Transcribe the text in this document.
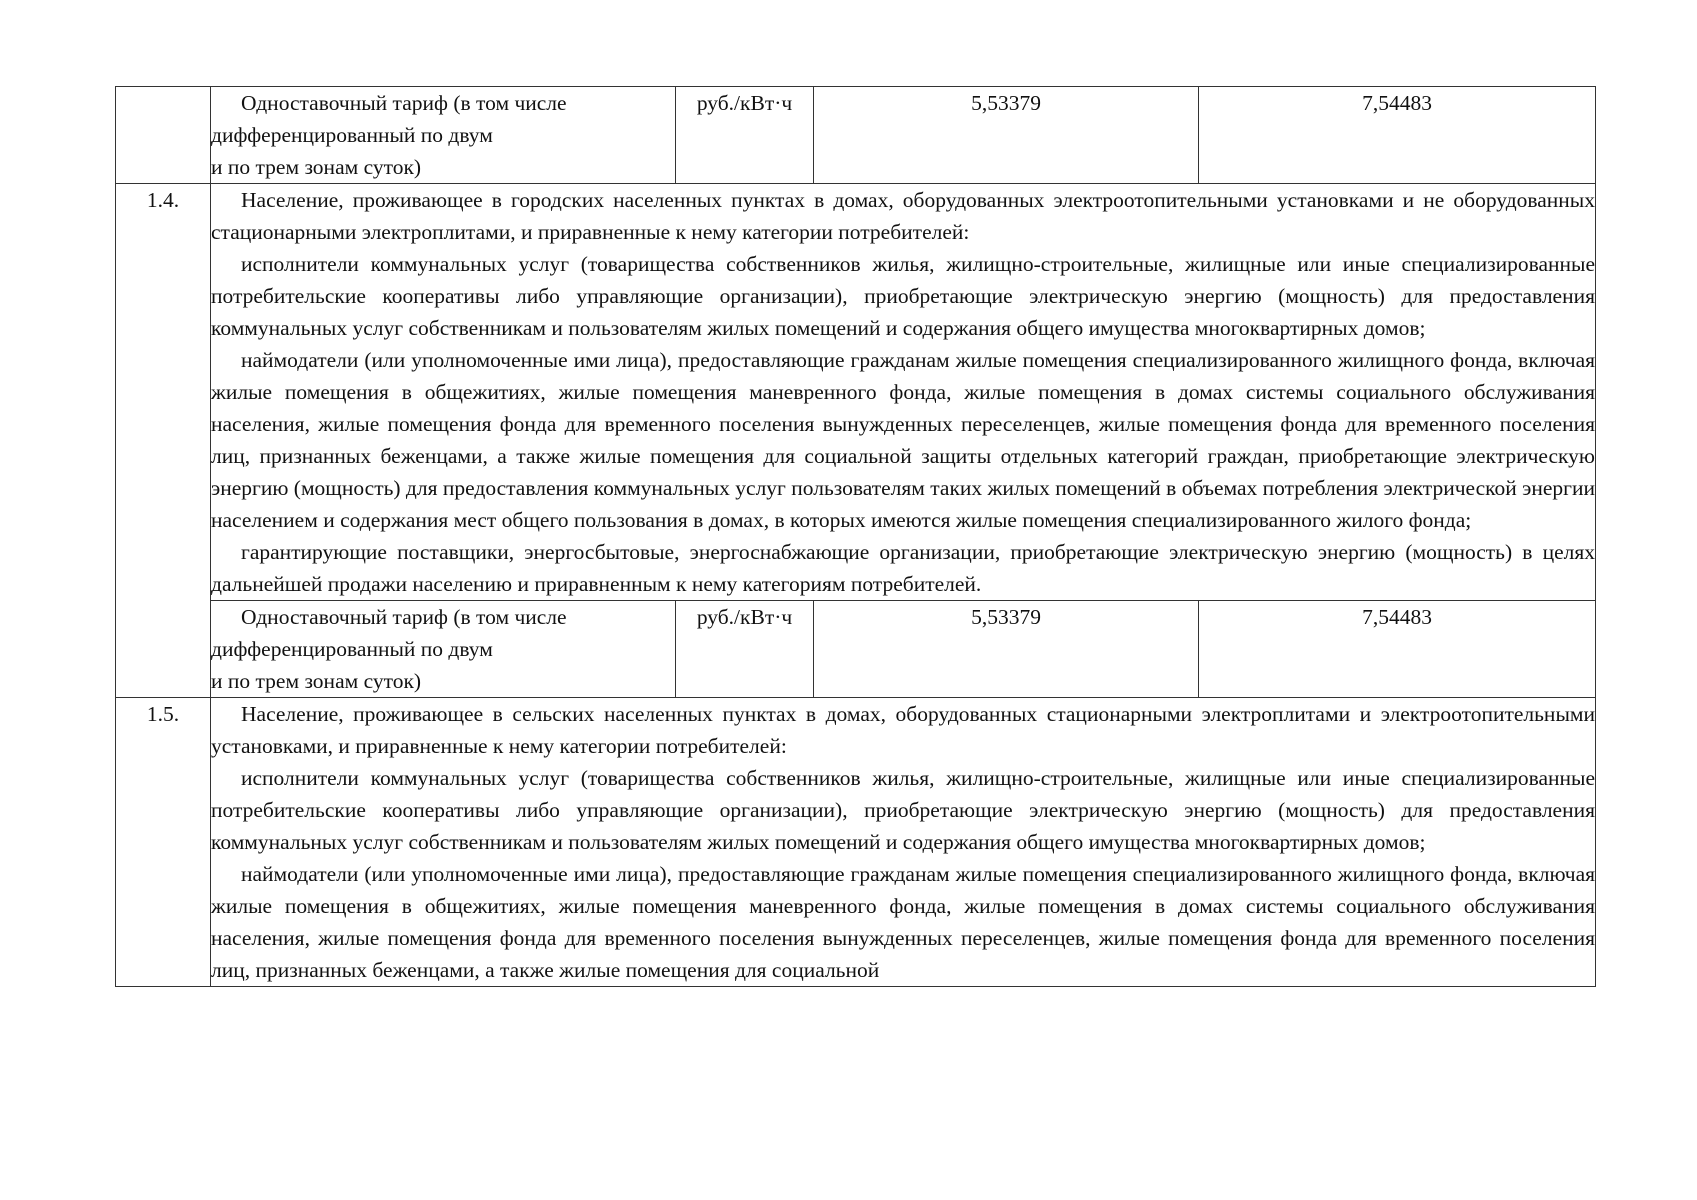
	Одноставочный тариф (в том числе
дифференцированный по двум
и по трем зонам суток)	руб./кВт·ч	5,53379	7,54483
1.4.	Население, проживающее в городских населенных пунктах в домах, оборудованных электроотопительными установками и не оборудованных стационарными электроплитами, и приравненные к нему категории потребителей:

исполнители коммунальных услуг (товарищества собственников жилья, жилищно-строительные, жилищные или иные специализированные потребительские кооперативы либо управляющие организации), приобретающие электрическую энергию (мощность) для предоставления коммунальных услуг собственникам и пользователям жилых помещений и содержания общего имущества многоквартирных домов;

наймодатели (или уполномоченные ими лица), предоставляющие гражданам жилые помещения специализированного жилищного фонда, включая жилые помещения в общежитиях, жилые помещения маневренного фонда, жилые помещения в домах системы социального обслуживания населения, жилые помещения фонда для временного поселения вынужденных переселенцев, жилые помещения фонда для временного поселения лиц, признанных беженцами, а также жилые помещения для социальной защиты отдельных категорий граждан, приобретающие электрическую энергию (мощность) для предоставления коммунальных услуг пользователям таких жилых помещений в объемах потребления электрической энергии населением и содержания мест общего пользования в домах, в которых имеются жилые помещения специализированного жилого фонда;

гарантирующие поставщики, энергосбытовые, энергоснабжающие организации, приобретающие электрическую энергию (мощность) в целях дальнейшей продажи населению и приравненным к нему категориям потребителей.			

	Одноставочный тариф (в том числе
дифференцированный по двум
и по трем зонам суток)	руб./кВт·ч	5,53379	7,54483
1.5.	Население, проживающее в сельских населенных пунктах в домах, оборудованных стационарными электроплитами и электроотопительными установками, и приравненные к нему категории потребителей:

исполнители коммунальных услуг (товарищества собственников жилья, жилищно-строительные, жилищные или иные специализированные потребительские кооперативы либо управляющие организации), приобретающие электрическую энергию (мощность) для предоставления коммунальных услуг собственникам и пользователям жилых помещений и содержания общего имущества многоквартирных домов;

наймодатели (или уполномоченные ими лица), предоставляющие гражданам жилые помещения специализированного жилищного фонда, включая жилые помещения в общежитиях, жилые помещения маневренного фонда, жилые помещения в домах системы социального обслуживания населения, жилые помещения фонда для временного поселения вынужденных переселенцев, жилые помещения фонда для временного поселения лиц, признанных беженцами, а также жилые помещения для социальной			
